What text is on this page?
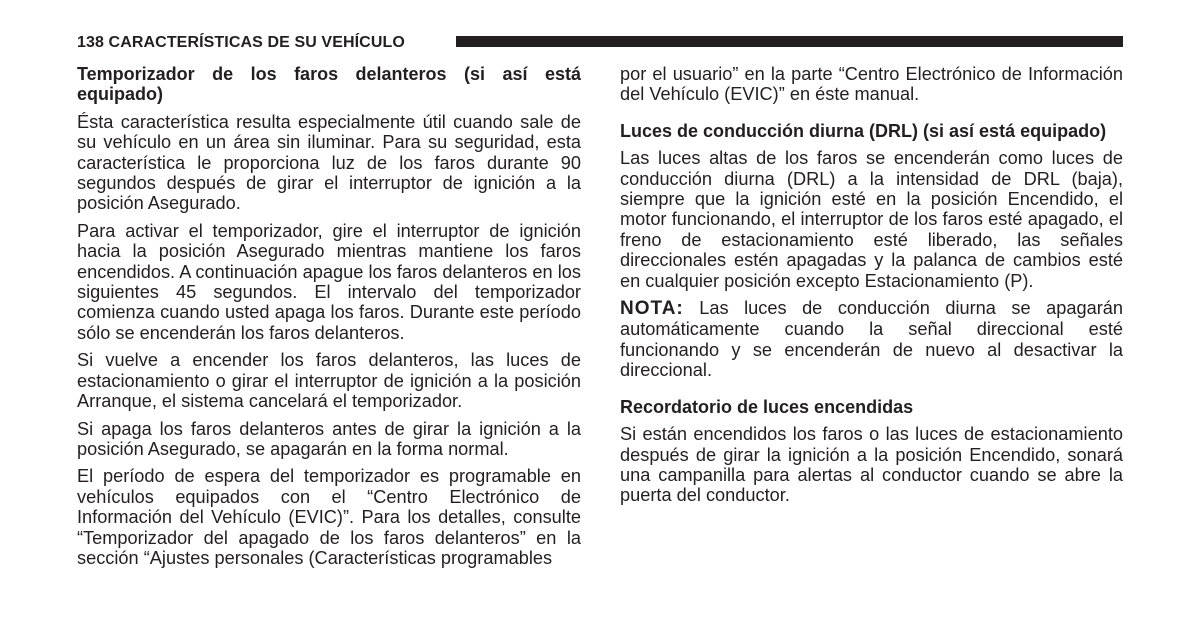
138 CARACTERÍSTICAS DE SU VEHÍCULO

Temporizador de los faros delanteros (si así está equipado)

Ésta característica resulta especialmente útil cuando sale de su vehículo en un área sin iluminar. Para su seguridad, esta característica le proporciona luz de los faros durante 90 segundos después de girar el interruptor de ignición a la posición Asegurado.

Para activar el temporizador, gire el interruptor de ignición hacia la posición Asegurado mientras mantiene los faros encendidos. A continuación apague los faros delanteros en los siguientes 45 segundos. El intervalo del temporizador comienza cuando usted apaga los faros. Durante este período sólo se encenderán los faros delanteros.

Si vuelve a encender los faros delanteros, las luces de estacionamiento o girar el interruptor de ignición a la posición Arranque, el sistema cancelará el temporizador.

Si apaga los faros delanteros antes de girar la ignición a la posición Asegurado, se apagarán en la forma normal.

El período de espera del temporizador es programable en vehículos equipados con el “Centro Electrónico de Información del Vehículo (EVIC)”. Para los detalles, consulte “Temporizador del apagado de los faros delanteros” en la sección “Ajustes personales (Características programables

por el usuario” en la parte “Centro Electrónico de Información del Vehículo (EVIC)” en éste manual.

Luces de conducción diurna (DRL) (si así está equipado)

Las luces altas de los faros se encenderán como luces de conducción diurna (DRL) a la intensidad de DRL (baja), siempre que la ignición esté en la posición Encendido, el motor funcionando, el interruptor de los faros esté apagado, el freno de estacionamiento esté liberado, las señales direccionales estén apagadas y la palanca de cambios esté en cualquier posición excepto Estacionamiento (P).

NOTA: Las luces de conducción diurna se apagarán automáticamente cuando la señal direccional esté funcionando y se encenderán de nuevo al desactivar la direccional.

Recordatorio de luces encendidas

Si están encendidos los faros o las luces de estacionamiento después de girar la ignición a la posición Encendido, sonará una campanilla para alertas al conductor cuando se abre la puerta del conductor.
